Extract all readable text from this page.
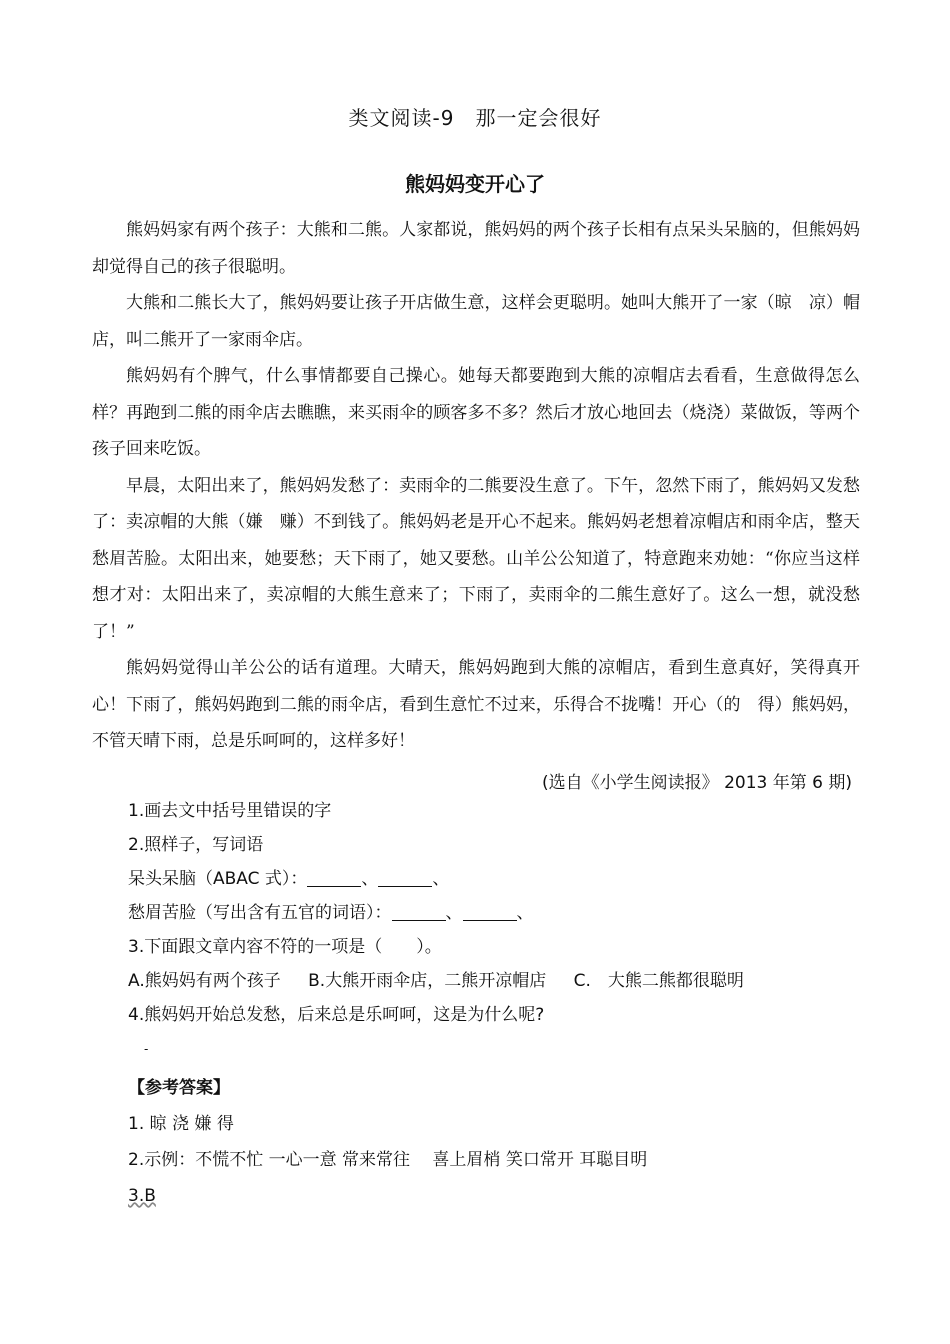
类文阅读-9　那一定会很好
熊妈妈变开心了

熊妈妈家有两个孩子：大熊和二熊。人家都说，熊妈妈的两个孩子长相有点呆头呆脑的，但熊妈妈却觉得自己的孩子很聪明。

大熊和二熊长大了，熊妈妈要让孩子开店做生意，这样会更聪明。她叫大熊开了一家（晾　凉）帽店，叫二熊开了一家雨伞店。

熊妈妈有个脾气，什么事情都要自己操心。她每天都要跑到大熊的凉帽店去看看，生意做得怎么样？再跑到二熊的雨伞店去瞧瞧，来买雨伞的顾客多不多？然后才放心地回去（烧浇）菜做饭，等两个孩子回来吃饭。

早晨，太阳出来了，熊妈妈发愁了：卖雨伞的二熊要没生意了。下午，忽然下雨了，熊妈妈又发愁了：卖凉帽的大熊（嫌　赚）不到钱了。熊妈妈老是开心不起来。熊妈妈老想着凉帽店和雨伞店，整天愁眉苦脸。太阳出来，她要愁；天下雨了，她又要愁。山羊公公知道了，特意跑来劝她：“你应当这样想才对：太阳出来了，卖凉帽的大熊生意来了；下雨了，卖雨伞的二熊生意好了。这么一想，就没愁了！”

熊妈妈觉得山羊公公的话有道理。大晴天，熊妈妈跑到大熊的凉帽店，看到生意真好，笑得真开心！下雨了，熊妈妈跑到二熊的雨伞店，看到生意忙不过来，乐得合不拢嘴！开心（的　得）熊妈妈，不管天晴下雨，总是乐呵呵的，这样多好！

(选自《小学生阅读报》 2013 年第 6 期)
1.画去文中括号里错误的字
2.照样子，写词语
呆头呆脑（ABAC 式）：	、	、
愁眉苦脸（写出含有五官的词语）：	、	、
3.下面跟文章内容不符的一项是（　　）。
A.熊妈妈有两个孩子 B.大熊开雨伞店，二熊开凉帽店 C.　大熊二熊都很聪明
4.熊妈妈开始总发愁，后来总是乐呵呵，这是为什么呢?
-
【参考答案】
1. 晾 浇 嫌 得
2.示例：不慌不忙 一心一意 常来常往　 喜上眉梢 笑口常开 耳聪目明
3.B
